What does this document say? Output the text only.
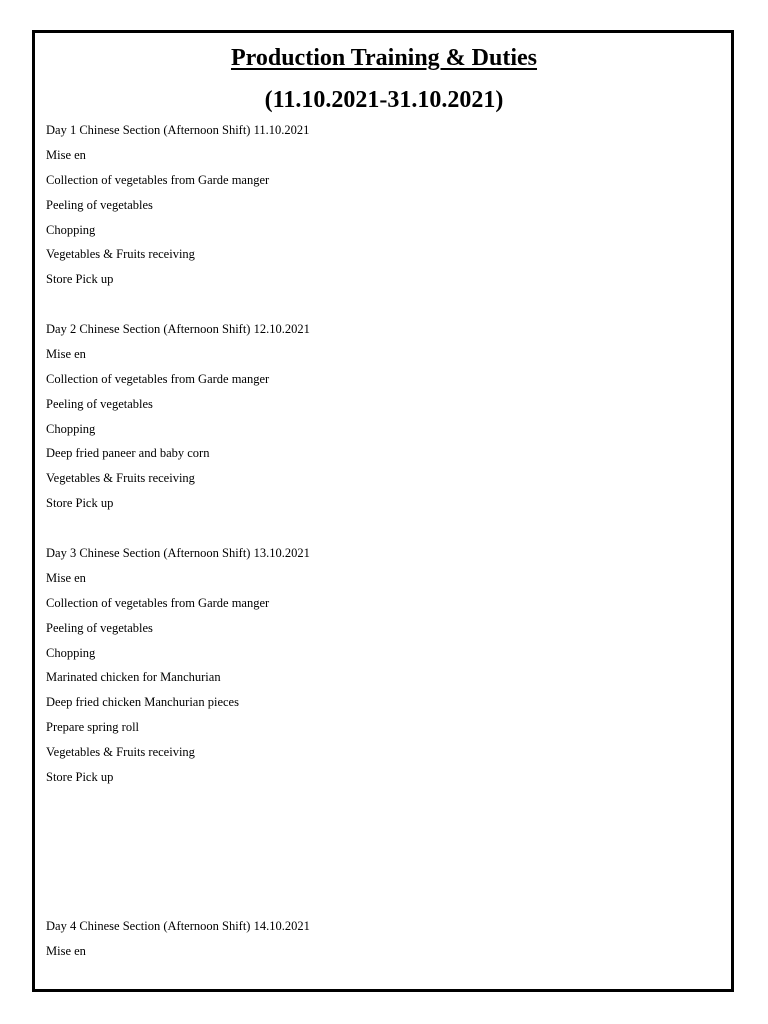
Production Training & Duties
(11.10.2021-31.10.2021)
Day 1 Chinese Section (Afternoon Shift) 11.10.2021
Mise en
Collection of vegetables from Garde manger
Peeling of vegetables
Chopping
Vegetables & Fruits receiving
Store Pick up
Day 2 Chinese Section (Afternoon Shift) 12.10.2021
Mise en
Collection of vegetables from Garde manger
Peeling of vegetables
Chopping
Deep fried paneer and baby corn
Vegetables & Fruits receiving
Store Pick up
Day 3 Chinese Section (Afternoon Shift) 13.10.2021
Mise en
Collection of vegetables from Garde manger
Peeling of vegetables
Chopping
Marinated chicken for Manchurian
Deep fried chicken Manchurian pieces
Prepare spring roll
Vegetables & Fruits receiving
Store Pick up
Day 4 Chinese Section (Afternoon Shift) 14.10.2021
Mise en
